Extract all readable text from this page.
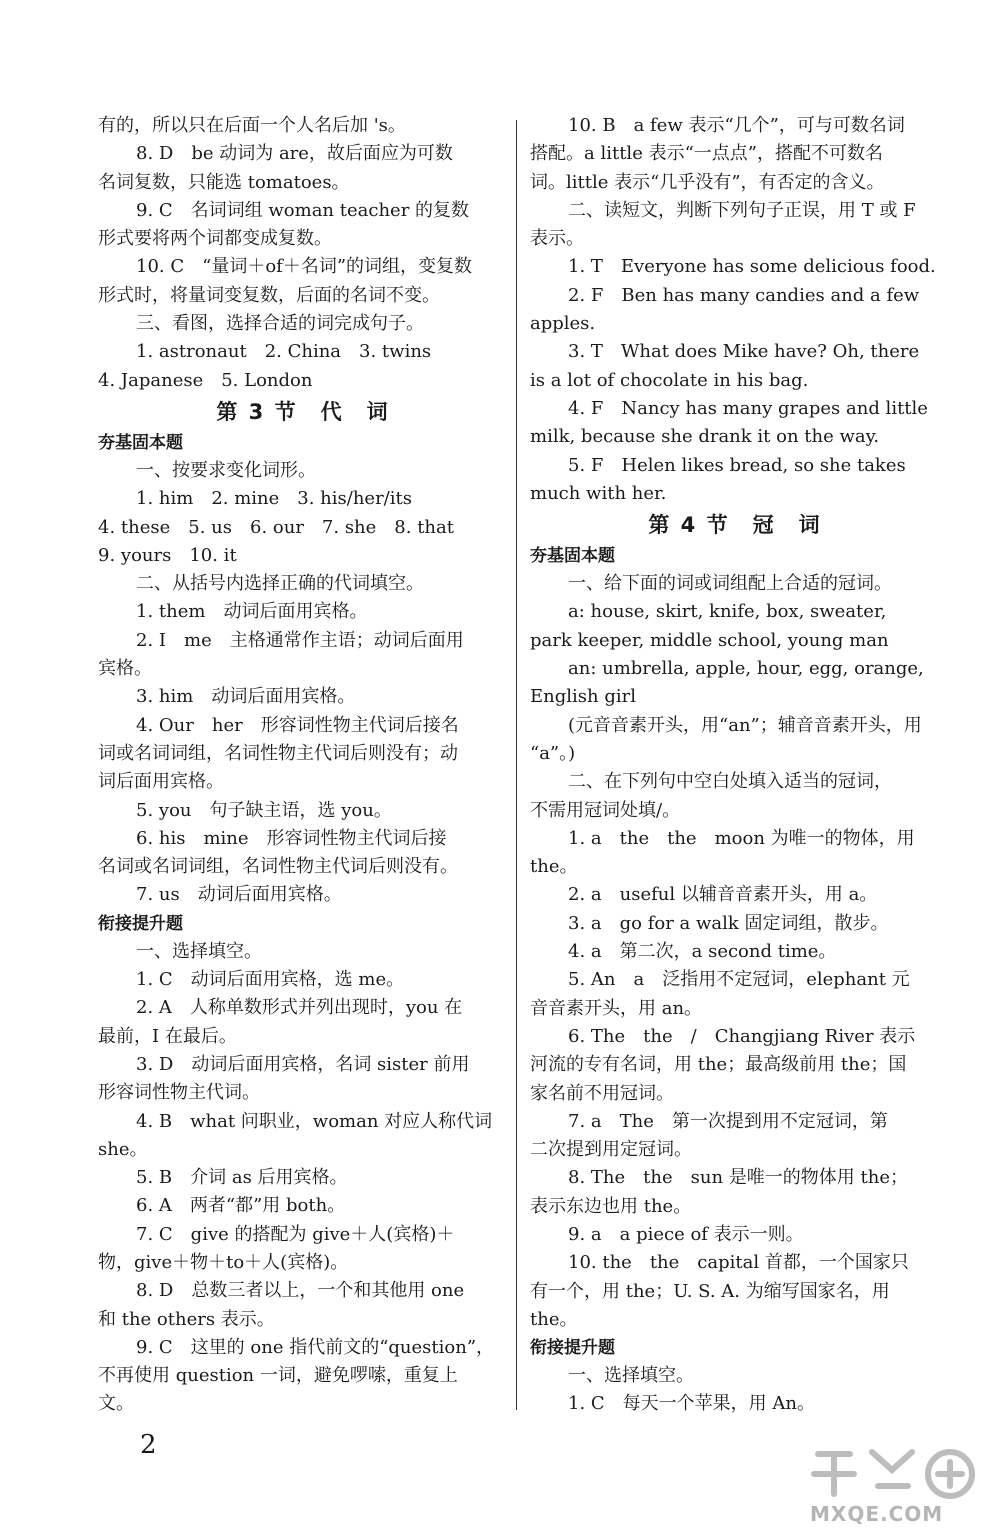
有的，所以只在后面一个人名后加 's。
8. D　be 动词为 are，故后面应为可数
名词复数，只能选 tomatoes。
9. C　名词词组 woman teacher 的复数
形式要将两个词都变成复数。
10. C　“量词＋of＋名词”的词组，变复数
形式时，将量词变复数，后面的名词不变。
三、看图，选择合适的词完成句子。
1. astronaut　2. China　3. twins
4. Japanese　5. London
第 3 节　代　词
夯基固本题
一、按要求变化词形。
1. him　2. mine　3. his/her/its
4. these　5. us　6. our　7. she　8. that
9. yours　10. it
二、从括号内选择正确的代词填空。
1. them　动词后面用宾格。
2. I　me　主格通常作主语；动词后面用
宾格。
3. him　动词后面用宾格。
4. Our　her　形容词性物主代词后接名
词或名词词组，名词性物主代词后则没有；动
词后面用宾格。
5. you　句子缺主语，选 you。
6. his　mine　形容词性物主代词后接
名词或名词词组，名词性物主代词后则没有。
7. us　动词后面用宾格。
衔接提升题
一、选择填空。
1. C　动词后面用宾格，选 me。
2. A　人称单数形式并列出现时，you 在
最前，I 在最后。
3. D　动词后面用宾格，名词 sister 前用
形容词性物主代词。
4. B　what 问职业，woman 对应人称代词
she。
5. B　介词 as 后用宾格。
6. A　两者“都”用 both。
7. C　give 的搭配为 give＋人(宾格)＋
物，give＋物＋to＋人(宾格)。
8. D　总数三者以上，一个和其他用 one
和 the others 表示。
9. C　这里的 one 指代前文的“question”，
不再使用 question 一词，避免啰嗦，重复上
文。
10. B　a few 表示“几个”，可与可数名词
搭配。a little 表示“一点点”，搭配不可数名
词。little 表示“几乎没有”，有否定的含义。
二、读短文，判断下列句子正误，用 T 或 F
表示。
1. T　Everyone has some delicious food.
2. F　Ben has many candies and a few
apples.
3. T　What does Mike have? Oh, there
is a lot of chocolate in his bag.
4. F　Nancy has many grapes and little
milk, because she drank it on the way.
5. F　Helen likes bread, so she takes
much with her.
第 4 节　冠　词
夯基固本题
一、给下面的词或词组配上合适的冠词。
a: house, skirt, knife, box, sweater,
park keeper, middle school, young man
an: umbrella, apple, hour, egg, orange,
English girl
(元音音素开头，用“an”；辅音音素开头，用
“a”。)
二、在下列句中空白处填入适当的冠词，
不需用冠词处填/。
1. a　the　the　moon 为唯一的物体，用
the。
2. a　useful 以辅音音素开头，用 a。
3. a　go for a walk 固定词组，散步。
4. a　第二次，a second time。
5. An　a　泛指用不定冠词，elephant 元
音音素开头，用 an。
6. The　the　/　Changjiang River 表示
河流的专有名词，用 the；最高级前用 the；国
家名前不用冠词。
7. a　The　第一次提到用不定冠词，第
二次提到用定冠词。
8. The　the　sun 是唯一的物体用 the；
表示东边也用 the。
9. a　a piece of 表示一则。
10. the　the　capital 首都，一个国家只
有一个，用 the；U. S. A. 为缩写国家名，用
the。
衔接提升题
一、选择填空。
1. C　每天一个苹果，用 An。
2
MXQE.COM
